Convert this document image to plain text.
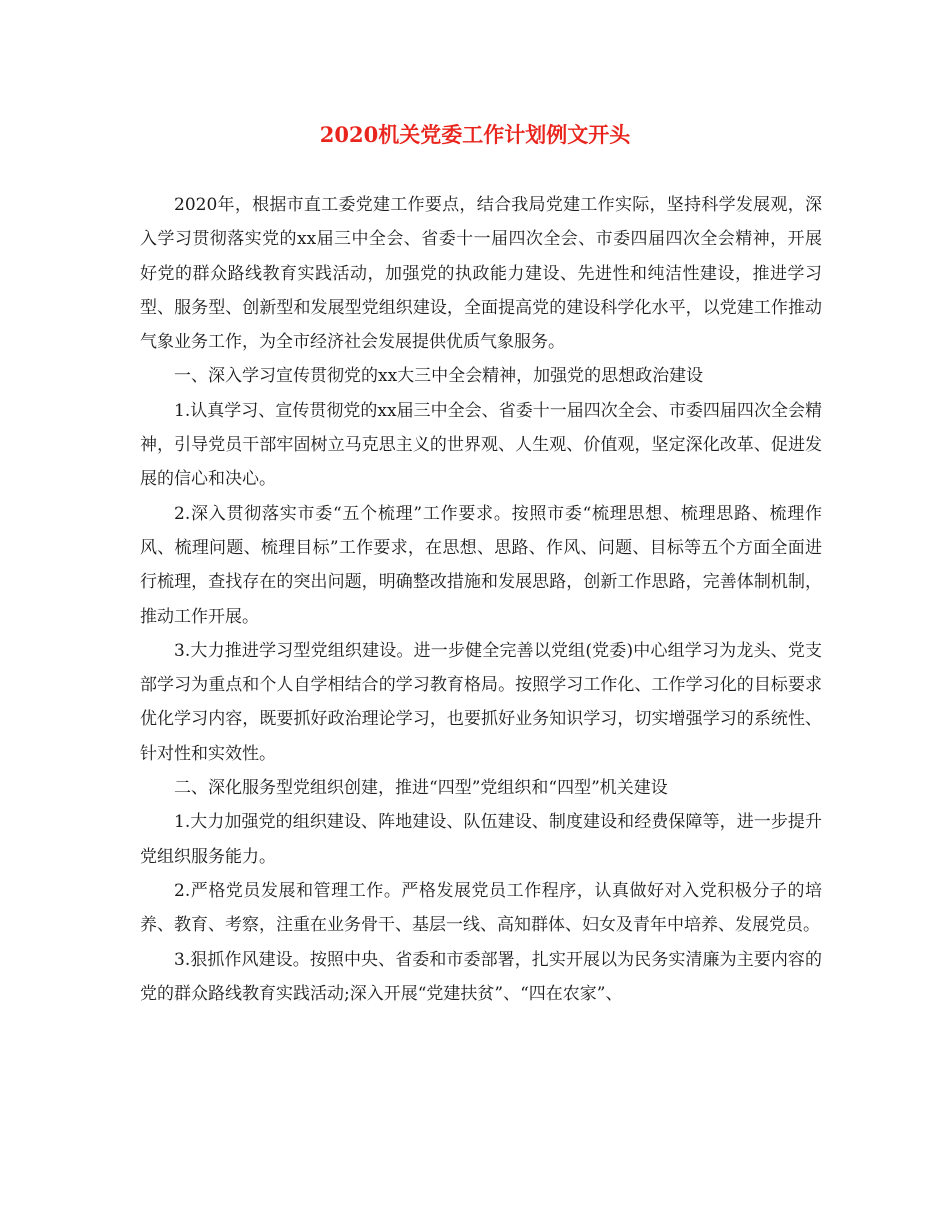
2020机关党委工作计划例文开头

2020年，根据市直工委党建工作要点，结合我局党建工作实际，坚持科学发展观，深入学习贯彻落实党的xx届三中全会、省委十一届四次全会、市委四届四次全会精神，开展好党的群众路线教育实践活动，加强党的执政能力建设、先进性和纯洁性建设，推进学习型、服务型、创新型和发展型党组织建设，全面提高党的建设科学化水平，以党建工作推动气象业务工作，为全市经济社会发展提供优质气象服务。

一、深入学习宣传贯彻党的xx大三中全会精神，加强党的思想政治建设

1.认真学习、宣传贯彻党的xx届三中全会、省委十一届四次全会、市委四届四次全会精神，引导党员干部牢固树立马克思主义的世界观、人生观、价值观，坚定深化改革、促进发展的信心和决心。

2.深入贯彻落实市委“五个梳理”工作要求。按照市委“梳理思想、梳理思路、梳理作风、梳理问题、梳理目标”工作要求，在思想、思路、作风、问题、目标等五个方面全面进行梳理，查找存在的突出问题，明确整改措施和发展思路，创新工作思路，完善体制机制，推动工作开展。

3.大力推进学习型党组织建设。进一步健全完善以党组(党委)中心组学习为龙头、党支部学习为重点和个人自学相结合的学习教育格局。按照学习工作化、工作学习化的目标要求优化学习内容，既要抓好政治理论学习，也要抓好业务知识学习，切实增强学习的系统性、针对性和实效性。

二、深化服务型党组织创建，推进“四型”党组织和“四型”机关建设

1.大力加强党的组织建设、阵地建设、队伍建设、制度建设和经费保障等，进一步提升党组织服务能力。

2.严格党员发展和管理工作。严格发展党员工作程序，认真做好对入党积极分子的培养、教育、考察，注重在业务骨干、基层一线、高知群体、妇女及青年中培养、发展党员。

3.狠抓作风建设。按照中央、省委和市委部署，扎实开展以为民务实清廉为主要内容的党的群众路线教育实践活动;深入开展“党建扶贫”、“四在农家”、
